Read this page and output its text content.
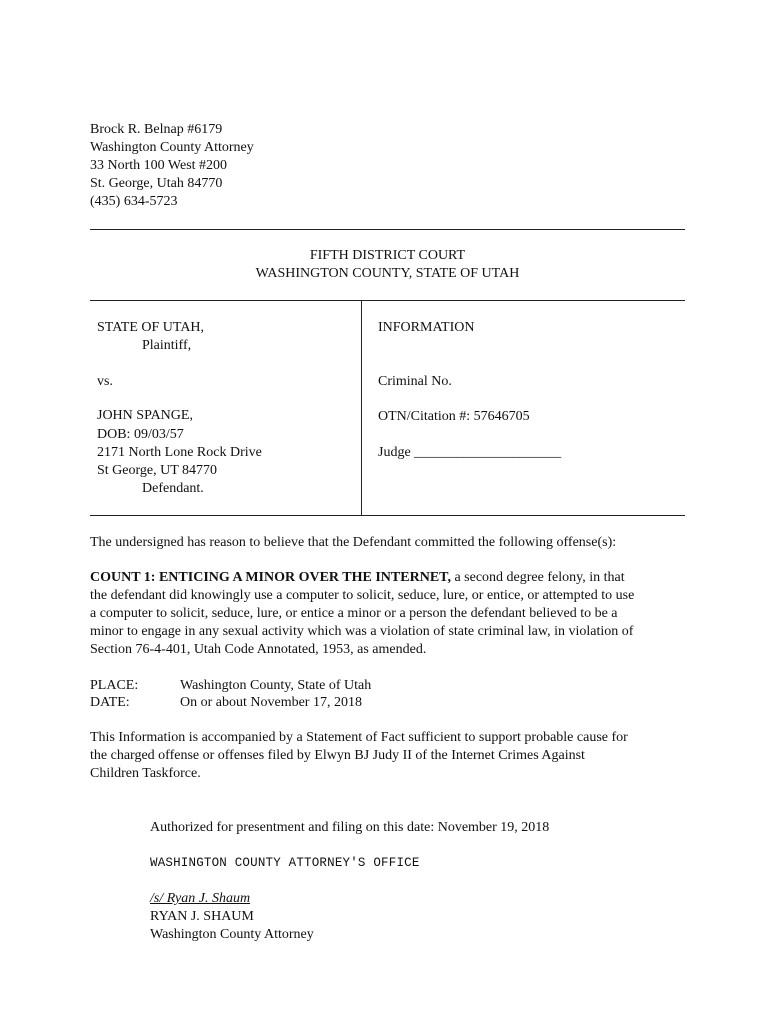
Brock R. Belnap #6179
Washington County Attorney
33 North 100 West #200
St. George, Utah 84770
(435) 634-5723
FIFTH DISTRICT COURT
WASHINGTON COUNTY, STATE OF UTAH
STATE OF UTAH,
Plaintiff,
vs.
JOHN SPANGE,
DOB: 09/03/57
2171 North Lone Rock Drive
St George, UT 84770
Defendant.
INFORMATION
Criminal No.
OTN/Citation #: 57646705
Judge _____________________
The undersigned has reason to believe that the Defendant committed the following offense(s):
COUNT 1: ENTICING A MINOR OVER THE INTERNET, a second degree felony, in that
the defendant did knowingly use a computer to solicit, seduce, lure, or entice, or attempted to use
a computer to solicit, seduce, lure, or entice a minor or a person the defendant believed to be a
minor to engage in any sexual activity which was a violation of state criminal law, in violation of
Section 76-4-401, Utah Code Annotated, 1953, as amended.
PLACE:	Washington County, State of Utah
DATE:	On or about November 17, 2018
This Information is accompanied by a Statement of Fact sufficient to support probable cause for
the charged offense or offenses filed by Elwyn BJ Judy II of the Internet Crimes Against
Children Taskforce.
Authorized for presentment and filing on this date: November 19, 2018
WASHINGTON COUNTY ATTORNEY'S OFFICE
/s/ Ryan J. Shaum
RYAN J. SHAUM
Washington County Attorney
